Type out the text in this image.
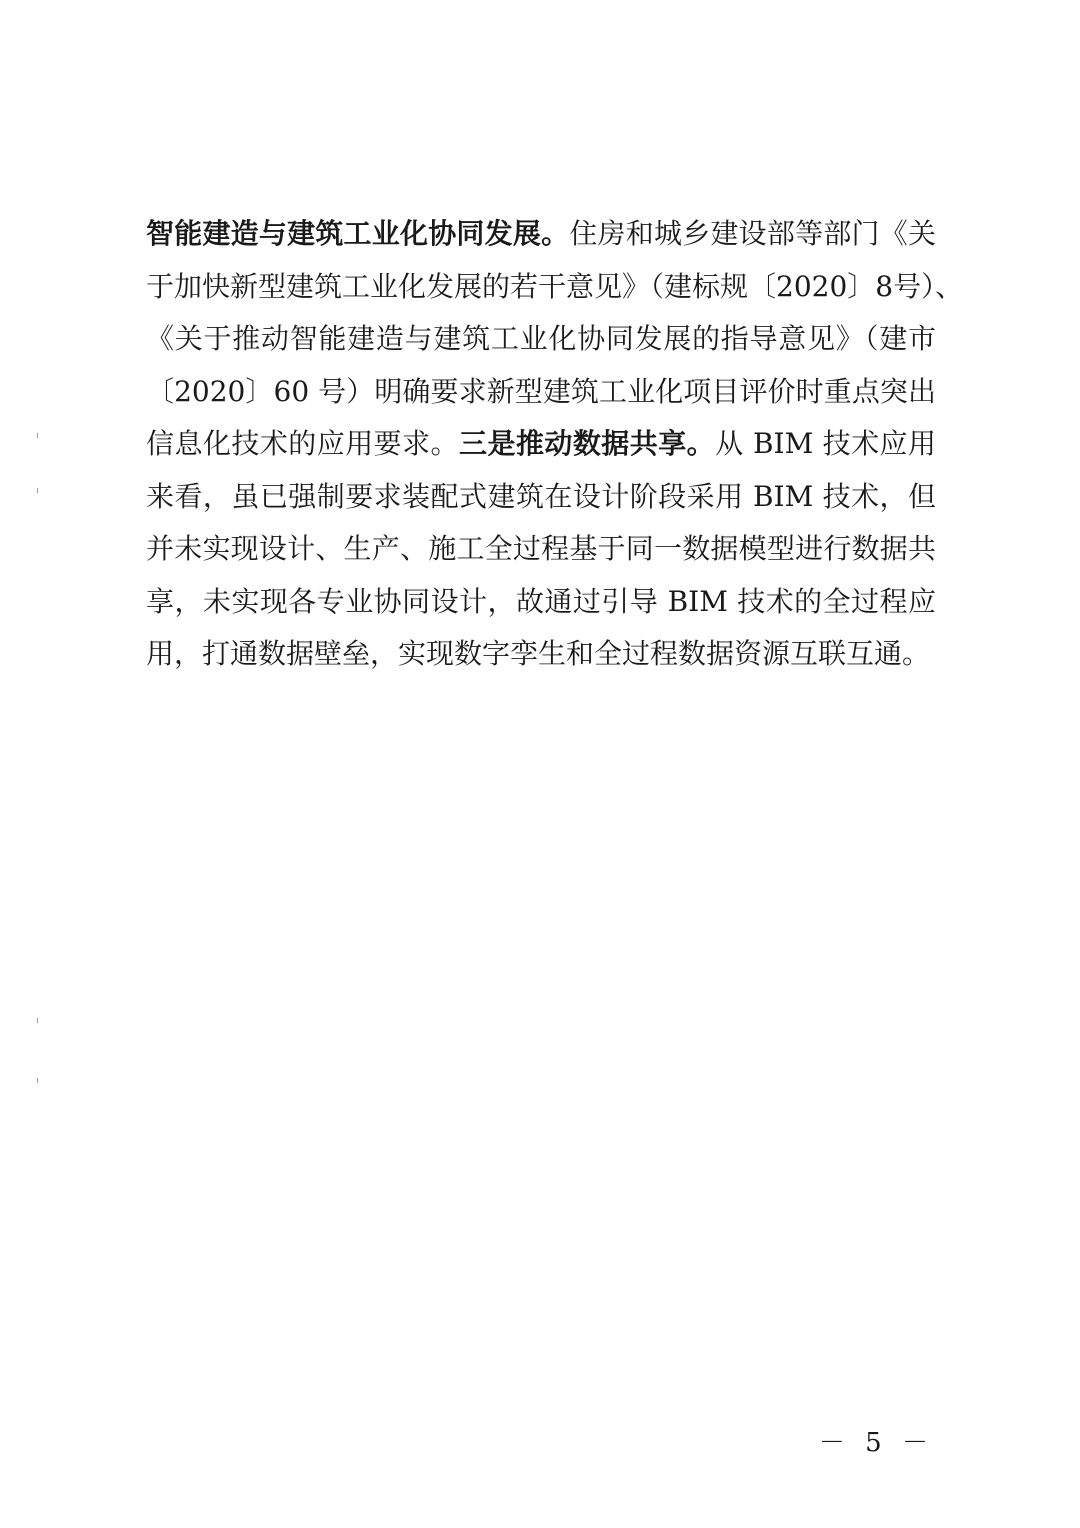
智能建造与建筑工业化协同发展。住房和城乡建设部等部门《关
于加快新型建筑工业化发展的若干意见》（建标规〔2020〕8号）、
《关于推动智能建造与建筑工业化协同发展的指导意见》（建市
〔2020〕60 号）明确要求新型建筑工业化项目评价时重点突出
信息化技术的应用要求。三是推动数据共享。从 BIM 技术应用
来看，虽已强制要求装配式建筑在设计阶段采用 BIM 技术，但
并未实现设计、生产、施工全过程基于同一数据模型进行数据共
享，未实现各专业协同设计，故通过引导 BIM 技术的全过程应
用，打通数据壁垒，实现数字孪生和全过程数据资源互联互通。
－ 5 －
